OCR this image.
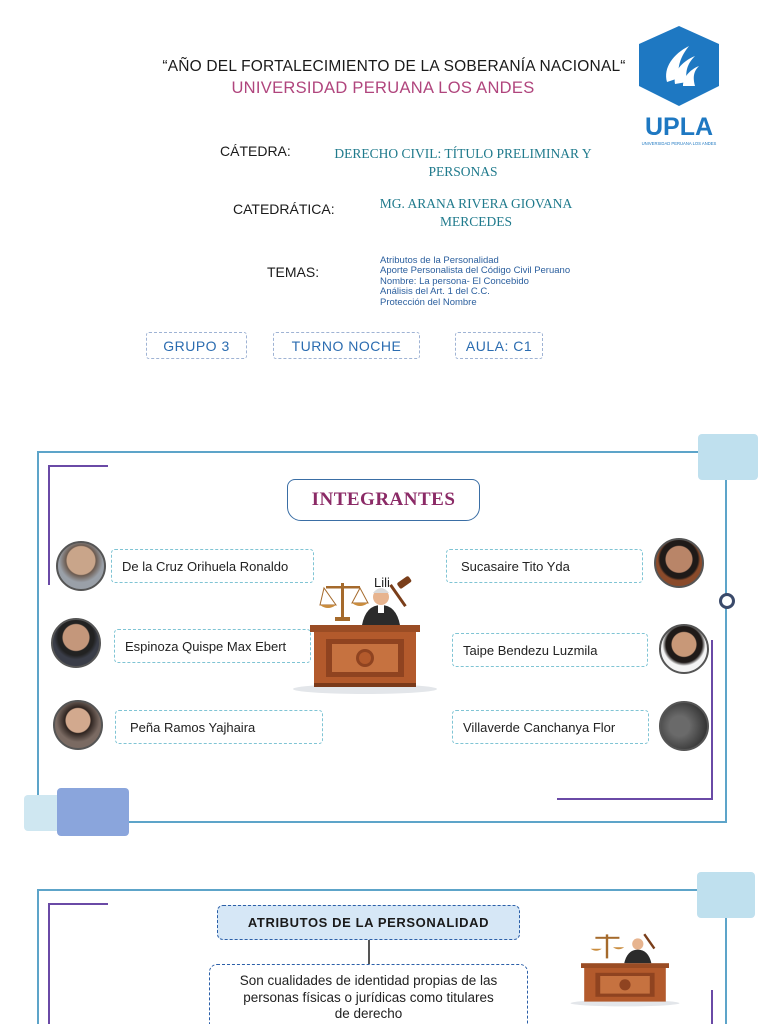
“AÑO DEL FORTALECIMIENTO DE LA SOBERANÍA NACIONAL“
UNIVERSIDAD PERUANA LOS ANDES
UPLA
UNIVERSIDAD PERUANA LOS ANDES
CÁTEDRA:	DERECHO CIVIL: TÍTULO PRELIMINAR Y
PERSONAS
CATEDRÁTICA:	MG. ARANA RIVERA GIOVANA
MERCEDES
TEMAS:
Atributos de la Personalidad
Aporte Personalista del Código Civil Peruano
Nombre: La persona- El Concebido
Análisis del Art. 1 del C.C.
Protección del Nombre
GRUPO 3	TURNO NOCHE	AULA: C1
INTEGRANTES
De la Cruz Orihuela Ronaldo
Espinoza Quispe Max Ebert
Peña Ramos Yajhaira
Sucasaire Tito Yda
Taipe Bendezu Luzmila
Villaverde Canchanya Flor
Lili
ATRIBUTOS DE LA PERSONALIDAD
Son cualidades de identidad propias de las
personas físicas o jurídicas como titulares
de derecho
